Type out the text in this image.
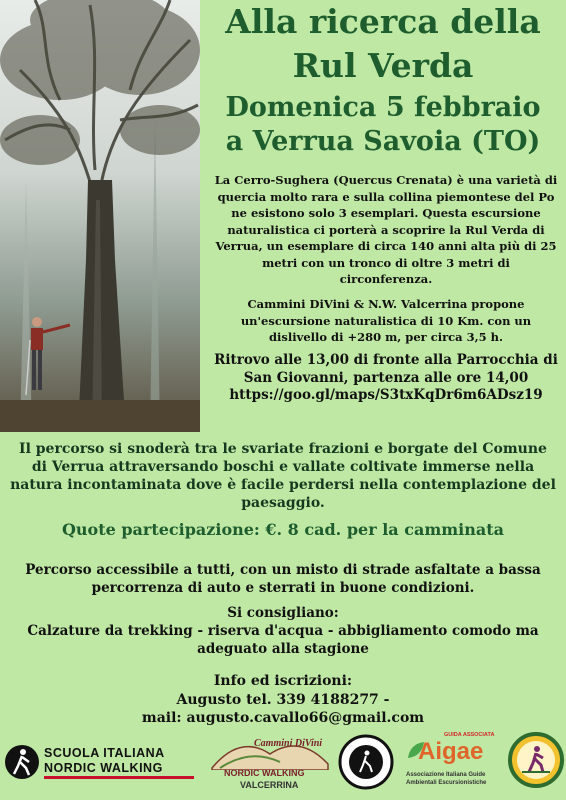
Alla ricerca della
Rul Verda
Domenica 5 febbraio
a Verrua Savoia (TO)
La Cerro-Sughera (Quercus Crenata) è una varietà di quercia molto rara e sulla collina piemontese del Po ne esistono solo 3 esemplari. Questa escursione naturalistica ci porterà a scoprire la Rul Verda di Verrua, un esemplare di circa 140 anni alta più di 25 metri con un tronco di oltre 3 metri di circonferenza.
Cammini DiVini & N.W. Valcerrina propone un'escursione naturalistica di 10 Km. con un dislivello di +280 m, per circa 3,5 h.
Ritrovo alle 13,00 di fronte alla Parrocchia di San Giovanni, partenza alle ore 14,00 https://goo.gl/maps/S3txKqDr6m6ADsz19
Il percorso si snoderà tra le svariate frazioni e borgate del Comune di Verrua attraversando boschi e vallate coltivate immerse nella natura incontaminata dove è facile perdersi nella contemplazione del paesaggio.
Quote partecipazione: €. 8 cad. per la camminata
Percorso accessibile a tutti, con un misto di strade asfaltate a bassa percorrenza di auto e sterrati in buone condizioni.
Si consigliano:
Calzature da trekking - riserva d'acqua - abbigliamento comodo ma adeguato alla stagione
Info ed iscrizioni:
Augusto tel. 339 4188277 -
mail: augusto.cavallo66@gmail.com
SCUOLA ITALIANA
NORDIC WALKING
Cammini DiVini
NORDIC WALKING
VALCERRINA
GUIDA ASSOCIATA
Aigae
Associazione Italiana Guide
Ambientali Escursionistiche
